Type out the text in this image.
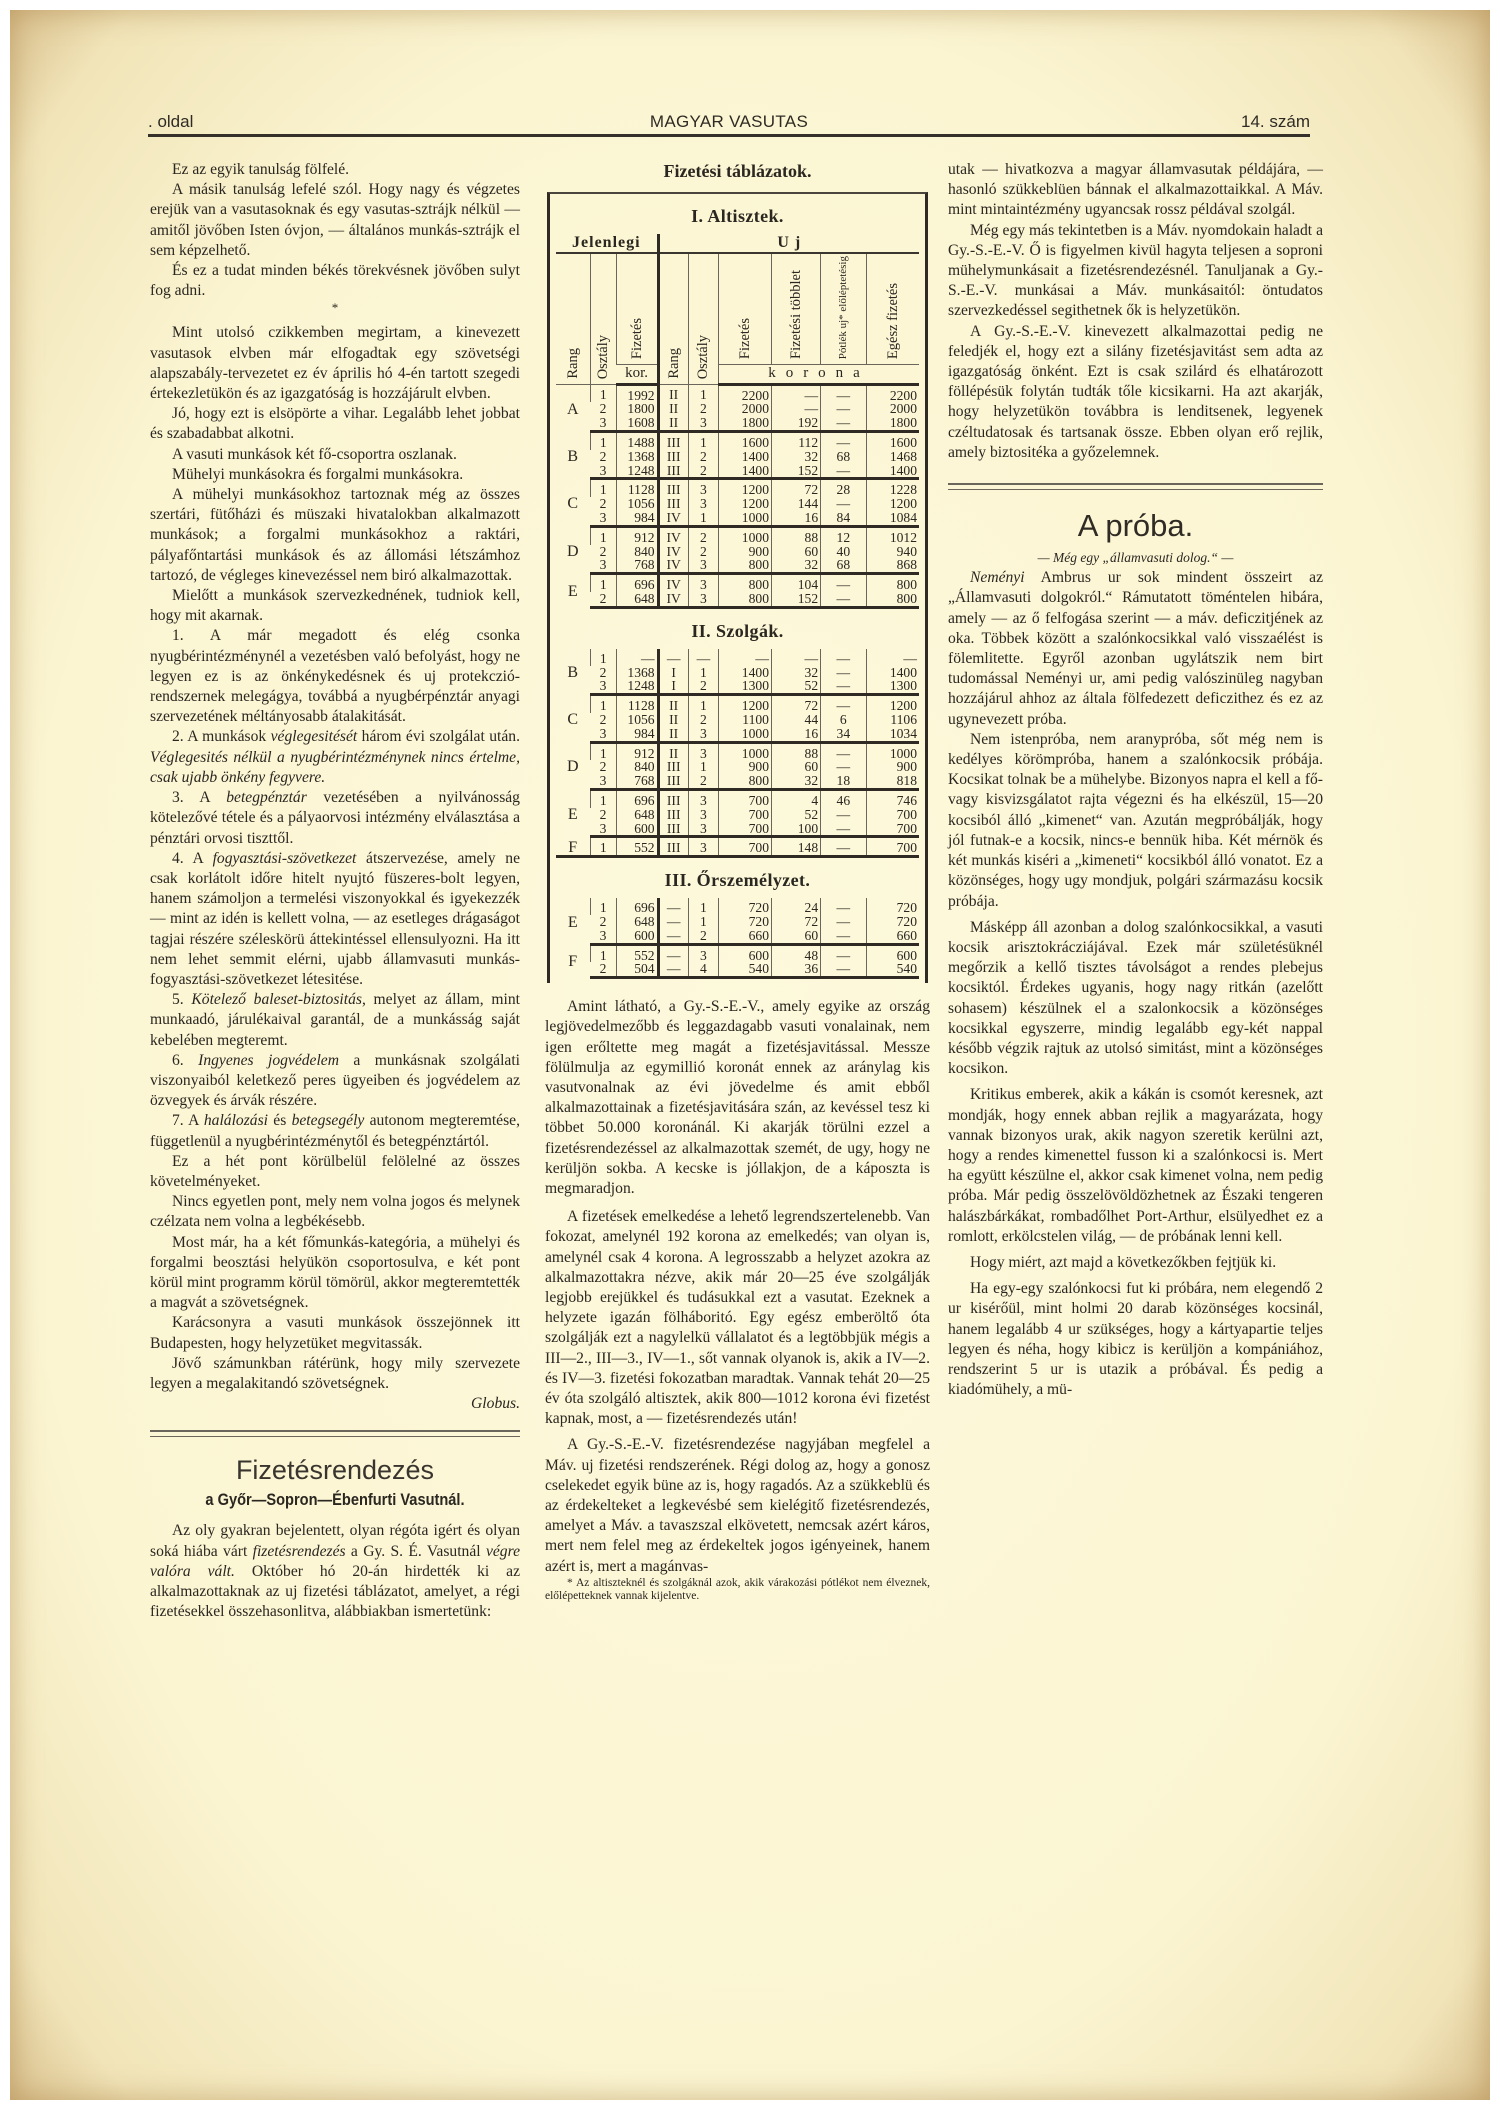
. oldal	MAGYAR VASUTAS	14. szám

Ez az egyik tanulság fölfelé.

A másik tanulság lefelé szól. Hogy nagy és végzetes erejük van a vasutasoknak és egy vasutas-sztrájk nélkül — amitől jövőben Isten óvjon, — általános munkás-sztrájk el sem képzelhető.

És ez a tudat minden békés törekvésnek jövőben sulyt fog adni.

*

Mint utolsó czikkemben megirtam, a kinevezett vasutasok elvben már elfogadtak egy szövetségi alapszabály-tervezetet ez év április hó 4-én tartott szegedi értekezletükön és az igazgatóság is hozzájárult elvben.

Jó, hogy ezt is elsöpörte a vihar. Legalább lehet jobbat és szabadabbat alkotni.

A vasuti munkások két fő-csoportra oszlanak.

Mühelyi munkásokra és forgalmi munkásokra.

A mühelyi munkásokhoz tartoznak még az összes szertári, fütőházi és müszaki hivatalokban alkalmazott munkások; a forgalmi munkásokhoz a raktári, pályafőntartási munkások és az állomási létszámhoz tartozó, de végleges kinevezéssel nem biró alkalmazottak.

Mielőtt a munkások szervezkednének, tudniok kell, hogy mit akarnak.

1. A már megadott és elég csonka nyugbérintézménynél a vezetésben való befolyást, hogy ne legyen ez is az önkénykedésnek és uj protekczió-rendszernek melegágya, továbbá a nyugbérpénztár anyagi szervezetének méltányosabb átalakitását.

2. A munkások véglegesitését három évi szolgálat után. Véglegesités nélkül a nyugbérintézménynek nincs értelme, csak ujabb önkény fegyvere.

3. A betegpénztár vezetésében a nyilvánosság kötelezővé tétele és a pályaorvosi intézmény elválasztása a pénztári orvosi tiszttől.

4. A fogyasztási-szövetkezet átszervezése, amely ne csak korlátolt időre hitelt nyujtó füszeres-bolt legyen, hanem számoljon a termelési viszonyokkal és igyekezzék — mint az idén is kellett volna, — az esetleges drágaságot tagjai részére széleskörü áttekintéssel ellensulyozni. Ha itt nem lehet semmit elérni, ujabb államvasuti munkás-fogyasztási-szövetkezet létesitése.

5. Kötelező baleset-biztositás, melyet az állam, mint munkaadó, járulékaival garantál, de a munkásság saját kebelében megteremt.

6. Ingyenes jogvédelem a munkásnak szolgálati viszonyaiból keletkező peres ügyeiben és jogvédelem az özvegyek és árvák részére.

7. A halálozási és betegsegély autonom megteremtése, függetlenül a nyugbérintézménytől és betegpénztártól.

Ez a hét pont körülbelül felölelné az összes követelményeket.

Nincs egyetlen pont, mely nem volna jogos és melynek czélzata nem volna a legbékésebb.

Most már, ha a két főmunkás-kategória, a mühelyi és forgalmi beosztási helyükön csoportosulva, e két pont körül mint programm körül tömörül, akkor megteremtették a magvát a szövetségnek.

Karácsonyra a vasuti munkások összejönnek itt Budapesten, hogy helyzetüket megvitassák.

Jövő számunkban rátérünk, hogy mily szervezete legyen a megalakitandó szövetségnek.

Globus.

Fizetésrendezés
a Győr—Sopron—Ébenfurti Vasutnál.

Az oly gyakran bejelentett, olyan régóta igért és olyan soká hiába várt fizetésrendezés a Gy. S. É. Vasutnál végre valóra vált. Október hó 20-án hirdették ki az alkalmazottaknak az uj fizetési táblázatot, amelyet, a régi fizetésekkel összehasonlitva, alábbiakban ismertetünk:

Fizetési táblázatok.
I. Altisztek.
Jelenlegi			U j					
Rang	Osztály	Fizetés	Rang	Osztály	Fizetés	Fizetési többlet	Pótlék uj* előléptetésig	Egész fizetés
		kor.			korona			
A	1	1992	II	1	2200	—	—	2200
	2	1800	II	2	2000	—	—	2000
	3	1608	II	3	1800	192	—	1800
B	1	1488	III	1	1600	112	—	1600
	2	1368	III	2	1400	32	68	1468
	3	1248	III	2	1400	152	—	1400
C	1	1128	III	3	1200	72	28	1228
	2	1056	III	3	1200	144	—	1200
	3	984	IV	1	1000	16	84	1084
D	1	912	IV	2	1000	88	12	1012
	2	840	IV	2	900	60	40	940
	3	768	IV	3	800	32	68	868
E	1	696	IV	3	800	104	—	800
	2	648	IV	3	800	152	—	800
II. Szolgák.
B	1	—	—	—	—	—	—	—
	2	1368	I	1	1400	32	—	1400
	3	1248	I	2	1300	52	—	1300
C	1	1128	II	1	1200	72	—	1200
	2	1056	II	2	1100	44	6	1106
	3	984	II	3	1000	16	34	1034
D	1	912	II	3	1000	88	—	1000
	2	840	III	1	900	60	—	900
	3	768	III	2	800	32	18	818
E	1	696	III	3	700	4	46	746
	2	648	III	3	700	52	—	700
	3	600	III	3	700	100	—	700
F	1	552	III	3	700	148	—	700
III. Őrszemélyzet.
E	1	696	—	1	720	24	—	720
	2	648	—	1	720	72	—	720
	3	600	—	2	660	60	—	660
F	1	552	—	3	600	48	—	600
	2	504	—	4	540	36	—	540

Amint látható, a Gy.-S.-E.-V., amely egyike az ország legjövedelmezőbb és leggazdagabb vasuti vonalainak, nem igen erőltette meg magát a fizetésjavitással. Messze fölülmulja az egymillió koronát ennek az aránylag kis vasutvonalnak az évi jövedelme és amit ebből alkalmazottainak a fizetésjavitására szán, az kevéssel tesz ki többet 50.000 koronánál. Ki akarják törülni ezzel a fizetésrendezéssel az alkalmazottak szemét, de ugy, hogy ne kerüljön sokba. A kecske is jóllakjon, de a káposzta is megmaradjon.

A fizetések emelkedése a lehető legrendszertelenebb. Van fokozat, amelynél 192 korona az emelkedés; van olyan is, amelynél csak 4 korona. A legrosszabb a helyzet azokra az alkalmazottakra nézve, akik már 20—25 éve szolgálják legjobb erejükkel és tudásukkal ezt a vasutat. Ezeknek a helyzete igazán fölháboritó. Egy egész emberöltő óta szolgálják ezt a nagylelkü vállalatot és a legtöbbjük mégis a III—2., III—3., IV—1., sőt vannak olyanok is, akik a IV—2. és IV—3. fizetési fokozatban maradtak. Vannak tehát 20—25 év óta szolgáló altisztek, akik 800—1012 korona évi fizetést kapnak, most, a — fizetésrendezés után!

A Gy.-S.-E.-V. fizetésrendezése nagyjában megfelel a Máv. uj fizetési rendszerének. Régi dolog az, hogy a gonosz cselekedet egyik büne az is, hogy ragadós. Az a szükkeblü és az érdekelteket a legkevésbé sem kielégitő fizetésrendezés, amelyet a Máv. a tavaszszal elkövetett, nemcsak azért káros, mert nem felel meg az érdekeltek jogos igényeinek, hanem azért is, mert a magánvas-

* Az altiszteknél és szolgáknál azok, akik várakozási pótlékot nem élveznek, előlépetteknek vannak kijelentve.

utak — hivatkozva a magyar államvasutak példájára, — hasonló szükkeblüen bánnak el alkalmazottaikkal. A Máv. mint mintaintézmény ugyancsak rossz példával szolgál.

Még egy más tekintetben is a Máv. nyomdokain haladt a Gy.-S.-E.-V. Ő is figyelmen kivül hagyta teljesen a soproni mühelymunkásait a fizetésrendezésnél. Tanuljanak a Gy.-S.-E.-V. munkásai a Máv. munkásaitól: öntudatos szervezkedéssel segithetnek ők is helyzetükön.

A Gy.-S.-E.-V. kinevezett alkalmazottai pedig ne feledjék el, hogy ezt a silány fizetésjavitást sem adta az igazgatóság önként. Ezt is csak szilárd és elhatározott föllépésük folytán tudták tőle kicsikarni. Ha azt akarják, hogy helyzetükön továbbra is lenditsenek, legyenek czéltudatosak és tartsanak össze. Ebben olyan erő rejlik, amely biztositéka a győzelemnek.

A próba.

— Még egy „államvasuti dolog.“ —

Neményi Ambrus ur sok mindent összeirt az „Államvasuti dolgokról.“ Rámutatott töméntelen hibára, amely — az ő felfogása szerint — a máv. deficzitjének az oka. Többek között a szalónkocsikkal való visszaélést is fölemlitette. Egyről azonban ugylátszik nem birt tudomással Neményi ur, ami pedig valószinüleg nagyban hozzájárul ahhoz az általa fölfedezett deficzithez és ez az ugynevezett próba.

Nem istenpróba, nem aranypróba, sőt még nem is kedélyes körömpróba, hanem a szalónkocsik próbája. Kocsikat tolnak be a mühelybe. Bizonyos napra el kell a fő- vagy kisvizsgálatot rajta végezni és ha elkészül, 15—20 kocsiból álló „kimenet“ van. Azután megpróbálják, hogy jól futnak-e a kocsik, nincs-e bennük hiba. Két mérnök és két munkás kiséri a „kimeneti“ kocsikból álló vonatot. Ez a közönséges, hogy ugy mondjuk, polgári származásu kocsik próbája.

Másképp áll azonban a dolog szalónkocsikkal, a vasuti kocsik arisztokrácziájával. Ezek már születésüknél megőrzik a kellő tisztes távolságot a rendes plebejus kocsiktól. Érdekes ugyanis, hogy nagy ritkán (azelőtt sohasem) készülnek el a szalonkocsik a közönséges kocsikkal egyszerre, mindig legalább egy-két nappal később végzik rajtuk az utolsó simitást, mint a közönséges kocsikon.

Kritikus emberek, akik a kákán is csomót keresnek, azt mondják, hogy ennek abban rejlik a magyarázata, hogy vannak bizonyos urak, akik nagyon szeretik kerülni azt, hogy a rendes kimenettel fusson ki a szalónkocsi is. Mert ha együtt készülne el, akkor csak kimenet volna, nem pedig próba. Már pedig összelövöldözhetnek az Északi tengeren halászbárkákat, rombadőlhet Port-Arthur, elsülyedhet ez a romlott, erkölcstelen világ, — de próbának lenni kell.

Hogy miért, azt majd a következőkben fejtjük ki.

Ha egy-egy szalónkocsi fut ki próbára, nem elegendő 2 ur kisérőül, mint holmi 20 darab közönséges kocsinál, hanem legalább 4 ur szükséges, hogy a kártyapartie teljes legyen és néha, hogy kibicz is kerüljön a kompániához, rendszerint 5 ur is utazik a próbával. És pedig a kiadómühely, a mü-
